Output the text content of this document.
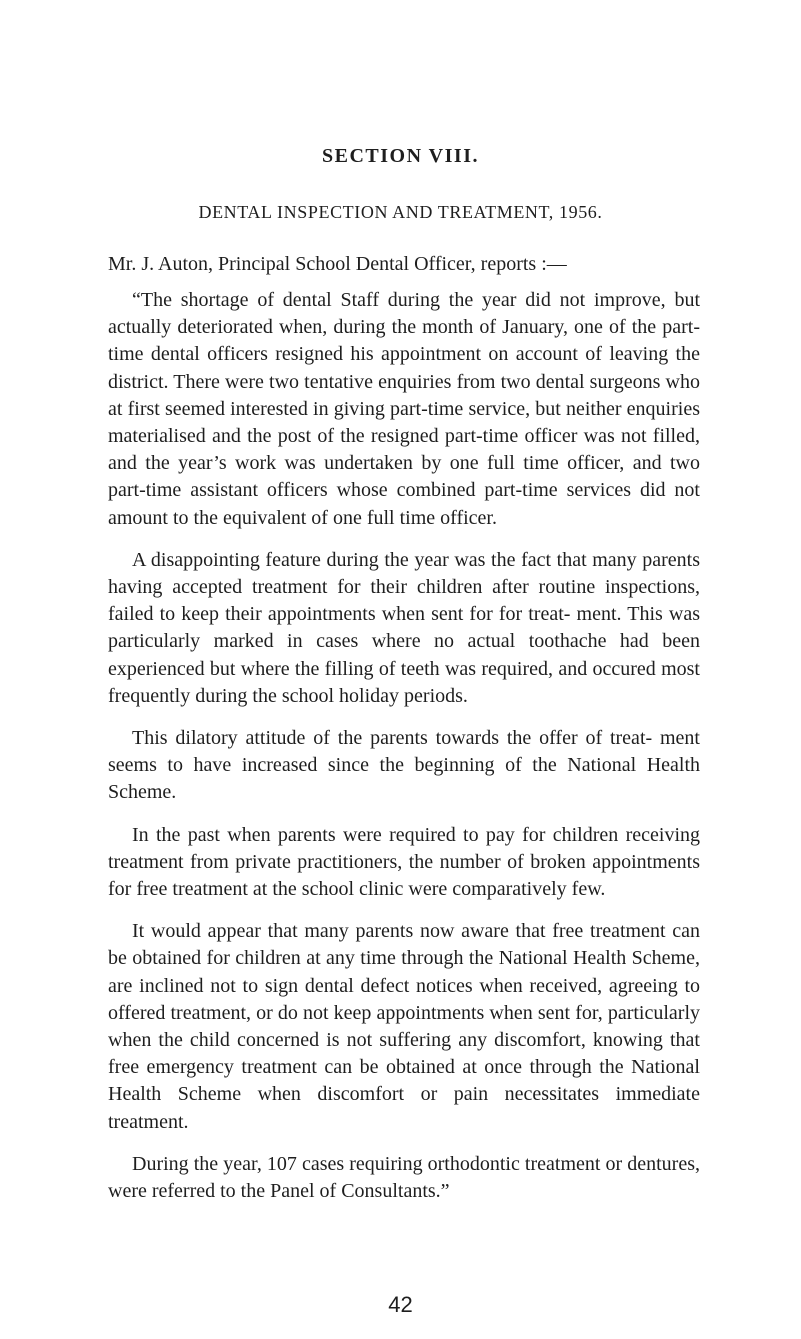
SECTION VIII.
DENTAL INSPECTION AND TREATMENT, 1956.

Mr. J. Auton, Principal School Dental Officer, reports :—

“The shortage of dental Staff during the year did not improve, but actually deteriorated when, during the month of January, one of the part-time dental officers resigned his appointment on account of leaving the district. There were two tentative enquiries from two dental surgeons who at first seemed interested in giving part-time service, but neither enquiries materialised and the post of the resigned part-time officer was not filled, and the year’s work was undertaken by one full time officer, and two part-time assistant officers whose combined part-time services did not amount to the equivalent of one full time officer.

A disappointing feature during the year was the fact that many parents having accepted treatment for their children after routine inspections, failed to keep their appointments when sent for for treat- ment. This was particularly marked in cases where no actual toothache had been experienced but where the filling of teeth was required, and occured most frequently during the school holiday periods.

This dilatory attitude of the parents towards the offer of treat- ment seems to have increased since the beginning of the National Health Scheme.

In the past when parents were required to pay for children receiving treatment from private practitioners, the number of broken appointments for free treatment at the school clinic were comparatively few.

It would appear that many parents now aware that free treatment can be obtained for children at any time through the National Health Scheme, are inclined not to sign dental defect notices when received, agreeing to offered treatment, or do not keep appointments when sent for, particularly when the child concerned is not suffering any discomfort, knowing that free emergency treatment can be obtained at once through the National Health Scheme when discomfort or pain necessitates immediate treatment.

During the year, 107 cases requiring orthodontic treatment or dentures, were referred to the Panel of Consultants.”

42
